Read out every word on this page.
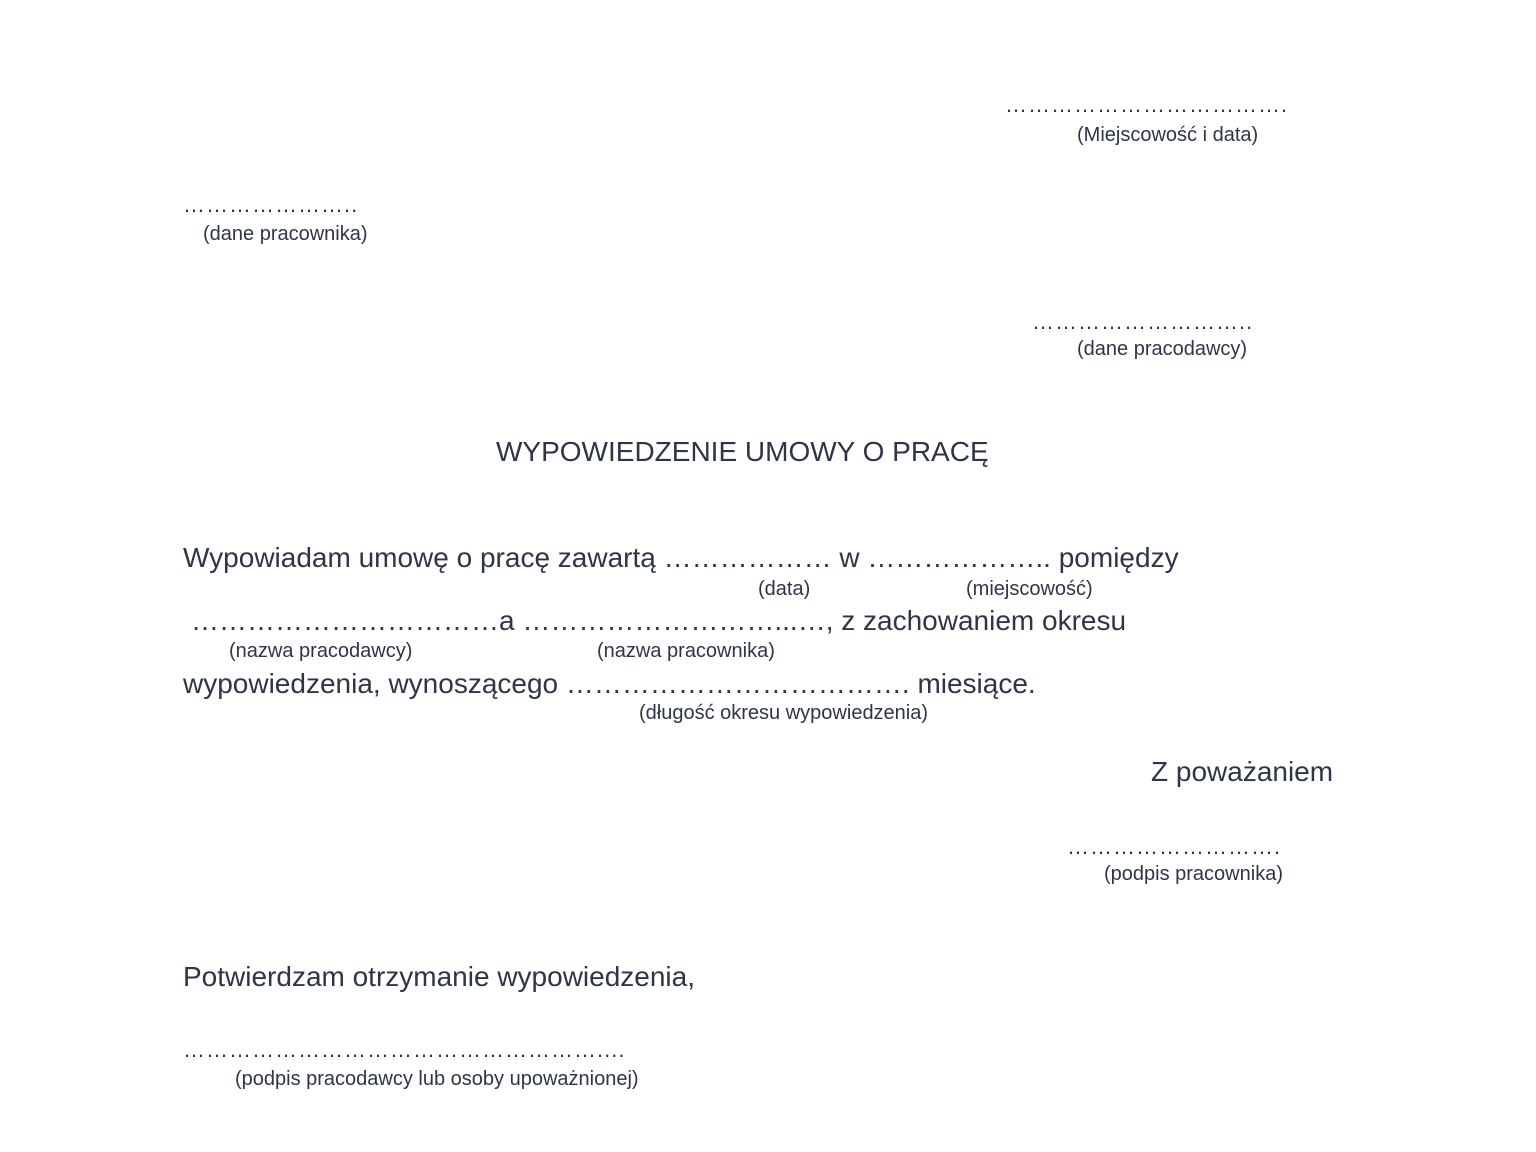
……………………………….
(Miejscowość i data)
…………………..
(dane pracownika)
………………………..
(dane pracodawcy)
WYPOWIEDZENIE UMOWY O PRACĘ
Wypowiadam umowę o pracę zawartą ……………… w ……………….. pomiędzy
(data)	(miejscowość)
……………………………a ………………………...…, z zachowaniem okresu
(nazwa pracodawcy)	(nazwa pracownika)
wypowiedzenia, wynoszącego ………………………………. miesiące.
(długość okresu wypowiedzenia)
Z poważaniem
……………………….
(podpis pracownika)
Potwierdzam otrzymanie wypowiedzenia,
………………………………………………....
(podpis pracodawcy lub osoby upoważnionej)
